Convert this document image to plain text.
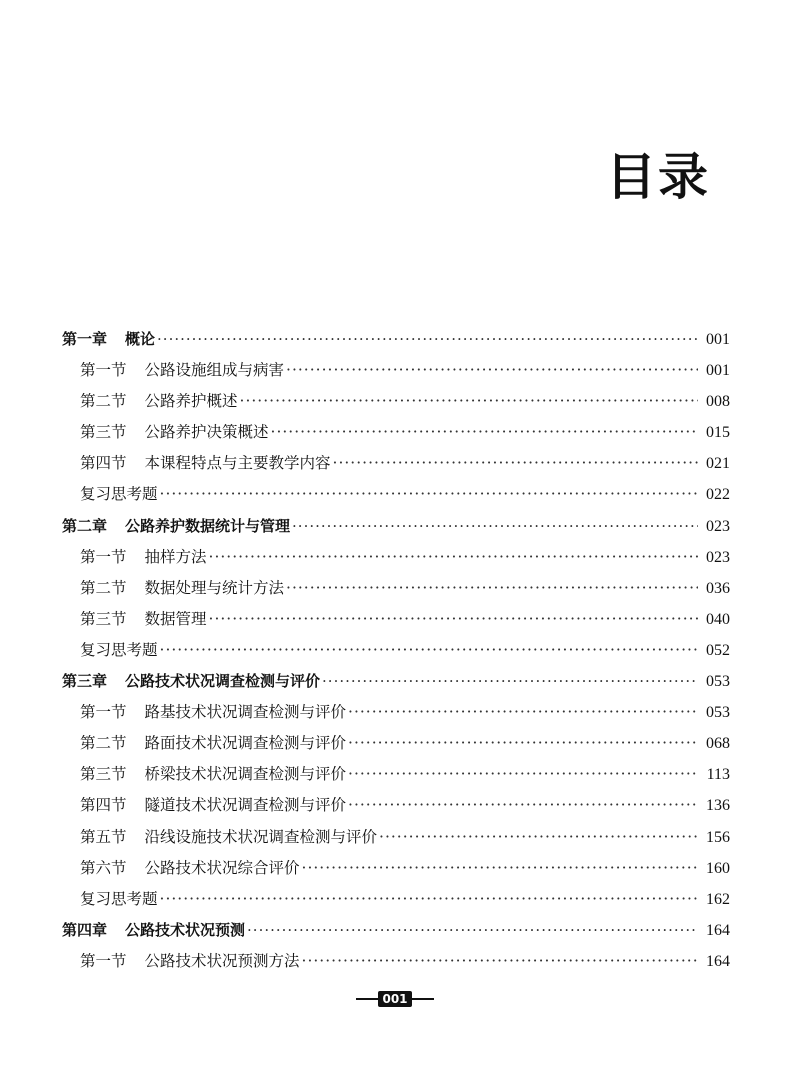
目录
第一章 概论 ·····	001
第一节 公路设施组成与病害 ·····	001
第二节 公路养护概述 ·····	008
第三节 公路养护决策概述 ·····	015
第四节 本课程特点与主要教学内容 ·····	021
复习思考题 ·····	022
第二章 公路养护数据统计与管理 ·····	023
第一节 抽样方法 ·····	023
第二节 数据处理与统计方法 ·····	036
第三节 数据管理 ·····	040
复习思考题 ·····	052
第三章 公路技术状况调查检测与评价 ·····	053
第一节 路基技术状况调查检测与评价 ·····	053
第二节 路面技术状况调查检测与评价 ·····	068
第三节 桥梁技术状况调查检测与评价 ·····	113
第四节 隧道技术状况调查检测与评价 ·····	136
第五节 沿线设施技术状况调查检测与评价 ·····	156
第六节 公路技术状况综合评价 ·····	160
复习思考题 ·····	162
第四章 公路技术状况预测 ·····	164
第一节 公路技术状况预测方法 ·····	164
001
